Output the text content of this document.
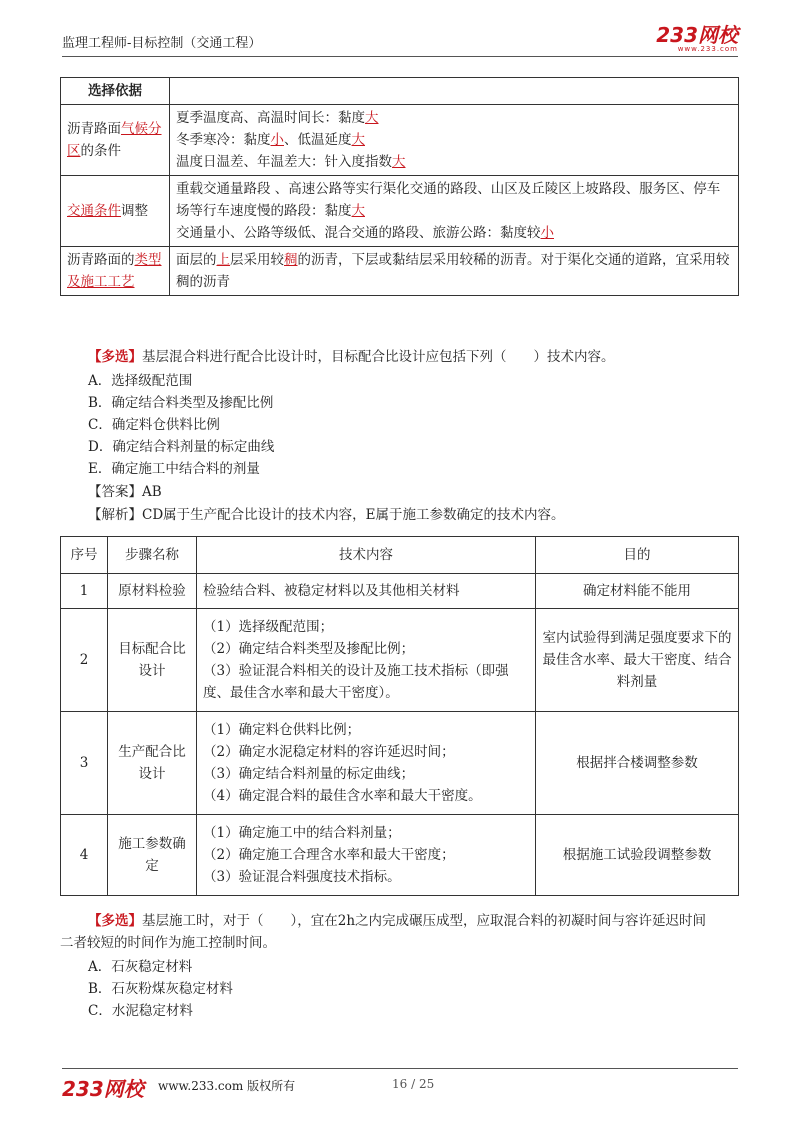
监理工程师-目标控制（交通工程）	233网校
www.233.com
选择依据	
沥青路面气候分区的条件	夏季温度高、高温时间长：黏度大
冬季寒冷：黏度小、低温延度大
温度日温差、年温差大：针入度指数大

交通条件调整	重载交通量路段 、高速公路等实行渠化交通的路段、山区及丘陵区上坡路段、服务区、停车场等行车速度慢的路段：黏度大
交通量小、公路等级低、混合交通的路段、旅游公路：黏度较小

沥青路面的类型及施工工艺	面层的上层采用较稠的沥青，下层或黏结层采用较稀的沥青。对于渠化交通的道路，宜采用较稠的沥青
【多选】基层混合料进行配合比设计时，目标配合比设计应包括下列（　　）技术内容。
A．选择级配范围
B．确定结合料类型及掺配比例
C．确定料仓供料比例
D．确定结合料剂量的标定曲线
E．确定施工中结合料的剂量
【答案】AB
【解析】CD属于生产配合比设计的技术内容，E属于施工参数确定的技术内容。
序号	步骤名称	技术内容	目的
1	原材料检验	检验结合料、被稳定材料以及其他相关材料	确定材料能不能用
2	目标配合比设计	（1）选择级配范围；
（2）确定结合料类型及掺配比例；
（3）验证混合料相关的设计及施工技术指标（即强度、最佳含水率和最大干密度）。	室内试验得到满足强度要求下的最佳含水率、最大干密度、结合料剂量
3	生产配合比设计	（1）确定料仓供料比例；
（2）确定水泥稳定材料的容许延迟时间；
（3）确定结合料剂量的标定曲线；
（4）确定混合料的最佳含水率和最大干密度。	根据拌合楼调整参数
4	施工参数确定	（1）确定施工中的结合料剂量；
（2）确定施工合理含水率和最大干密度；
（3）验证混合料强度技术指标。	根据施工试验段调整参数
【多选】基层施工时，对于（　　），宜在2h之内完成碾压成型，应取混合料的初凝时间与容许延迟时间二者较短的时间作为施工控制时间。
A．石灰稳定材料
B．石灰粉煤灰稳定材料
C．水泥稳定材料
233网校 www.233.com 版权所有	16 / 25
